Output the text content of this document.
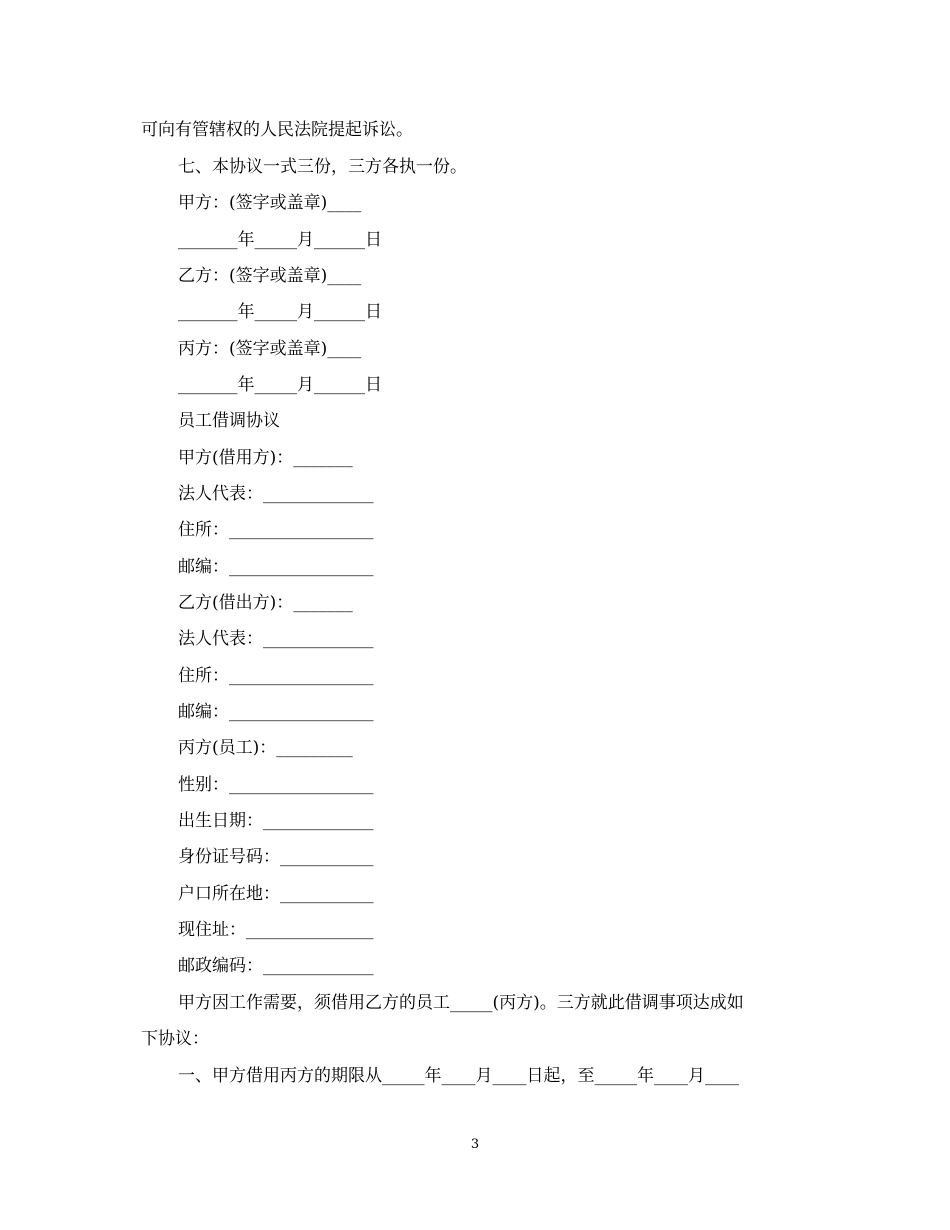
可向有管辖权的人民法院提起诉讼。
七、本协议一式三份，三方各执一份。
甲方：(签字或盖章)____
_______年_____月______日
乙方：(签字或盖章)____
_______年_____月______日
丙方：(签字或盖章)____
_______年_____月______日
员工借调协议
甲方(借用方)：_______
法人代表：_____________
住所：_________________
邮编：_________________
乙方(借出方)：_______
法人代表：_____________
住所：_________________
邮编：_________________
丙方(员工)：_________
性别：_________________
出生日期：_____________
身份证号码：___________
户口所在地：___________
现住址：_______________
邮政编码：_____________
甲方因工作需要，须借用乙方的员工_____(丙方)。三方就此借调事项达成如
下协议：
一、甲方借用丙方的期限从_____年____月____日起，至_____年____月____
3
